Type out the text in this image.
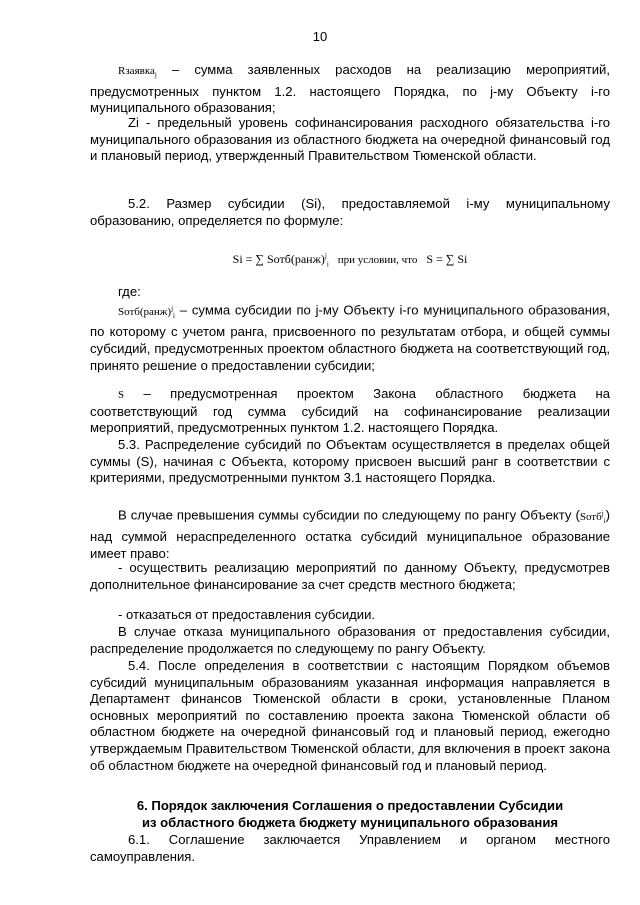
10

Rзаявка$_j$ – сумма заявленных расходов на реализацию мероприятий, предусмотренных пунктом 1.2. настоящего Порядка, по j-му Объекту i-го муниципального образования;

Zi - предельный уровень софинансирования расходного обязательства i-го муниципального образования из областного бюджета на очередной финансовый год и плановый период, утвержденный Правительством Тюменской области.

5.2. Размер субсидии (Si), предоставляемой i-му муниципальному образованию, определяется по формуле:

Si = ∑ Sотб(ранж)$^j_i$ при условии, что S = ∑ Si

где:

Sотб(ранж)$^j_i$ – сумма субсидии по j-му Объекту i-го муниципального образования, по которому с учетом ранга, присвоенного по результатам отбора, и общей суммы субсидий, предусмотренных проектом областного бюджета на соответствующий год, принято решение о предоставлении субсидии;

S – предусмотренная проектом Закона областного бюджета на соответствующий год сумма субсидий на софинансирование реализации мероприятий, предусмотренных пунктом 1.2. настоящего Порядка.

5.3. Распределение субсидий по Объектам осуществляется в пределах общей суммы (S), начиная с Объекта, которому присвоен высший ранг в соответствии с критериями, предусмотренными пунктом 3.1 настоящего Порядка.

В случае превышения суммы субсидии по следующему по рангу Объекту (Sотб$^j_i$) над суммой нераспределенного остатка субсидий муниципальное образование имеет право:

- осуществить реализацию мероприятий по данному Объекту, предусмотрев дополнительное финансирование за счет средств местного бюджета;

- отказаться от предоставления субсидии.

В случае отказа муниципального образования от предоставления субсидии, распределение продолжается по следующему по рангу Объекту.

5.4. После определения в соответствии с настоящим Порядком объемов субсидий муниципальным образованиям указанная информация направляется в Департамент финансов Тюменской области в сроки, установленные Планом основных мероприятий по составлению проекта закона Тюменской области об областном бюджете на очередной финансовый год и плановый период, ежегодно утверждаемым Правительством Тюменской области, для включения в проект закона об областном бюджете на очередной финансовый год и плановый период.

6. Порядок заключения Соглашения о предоставлении Субсидии
из областного бюджета бюджету муниципального образования

6.1. Соглашение заключается Управлением и органом местного самоуправления.
